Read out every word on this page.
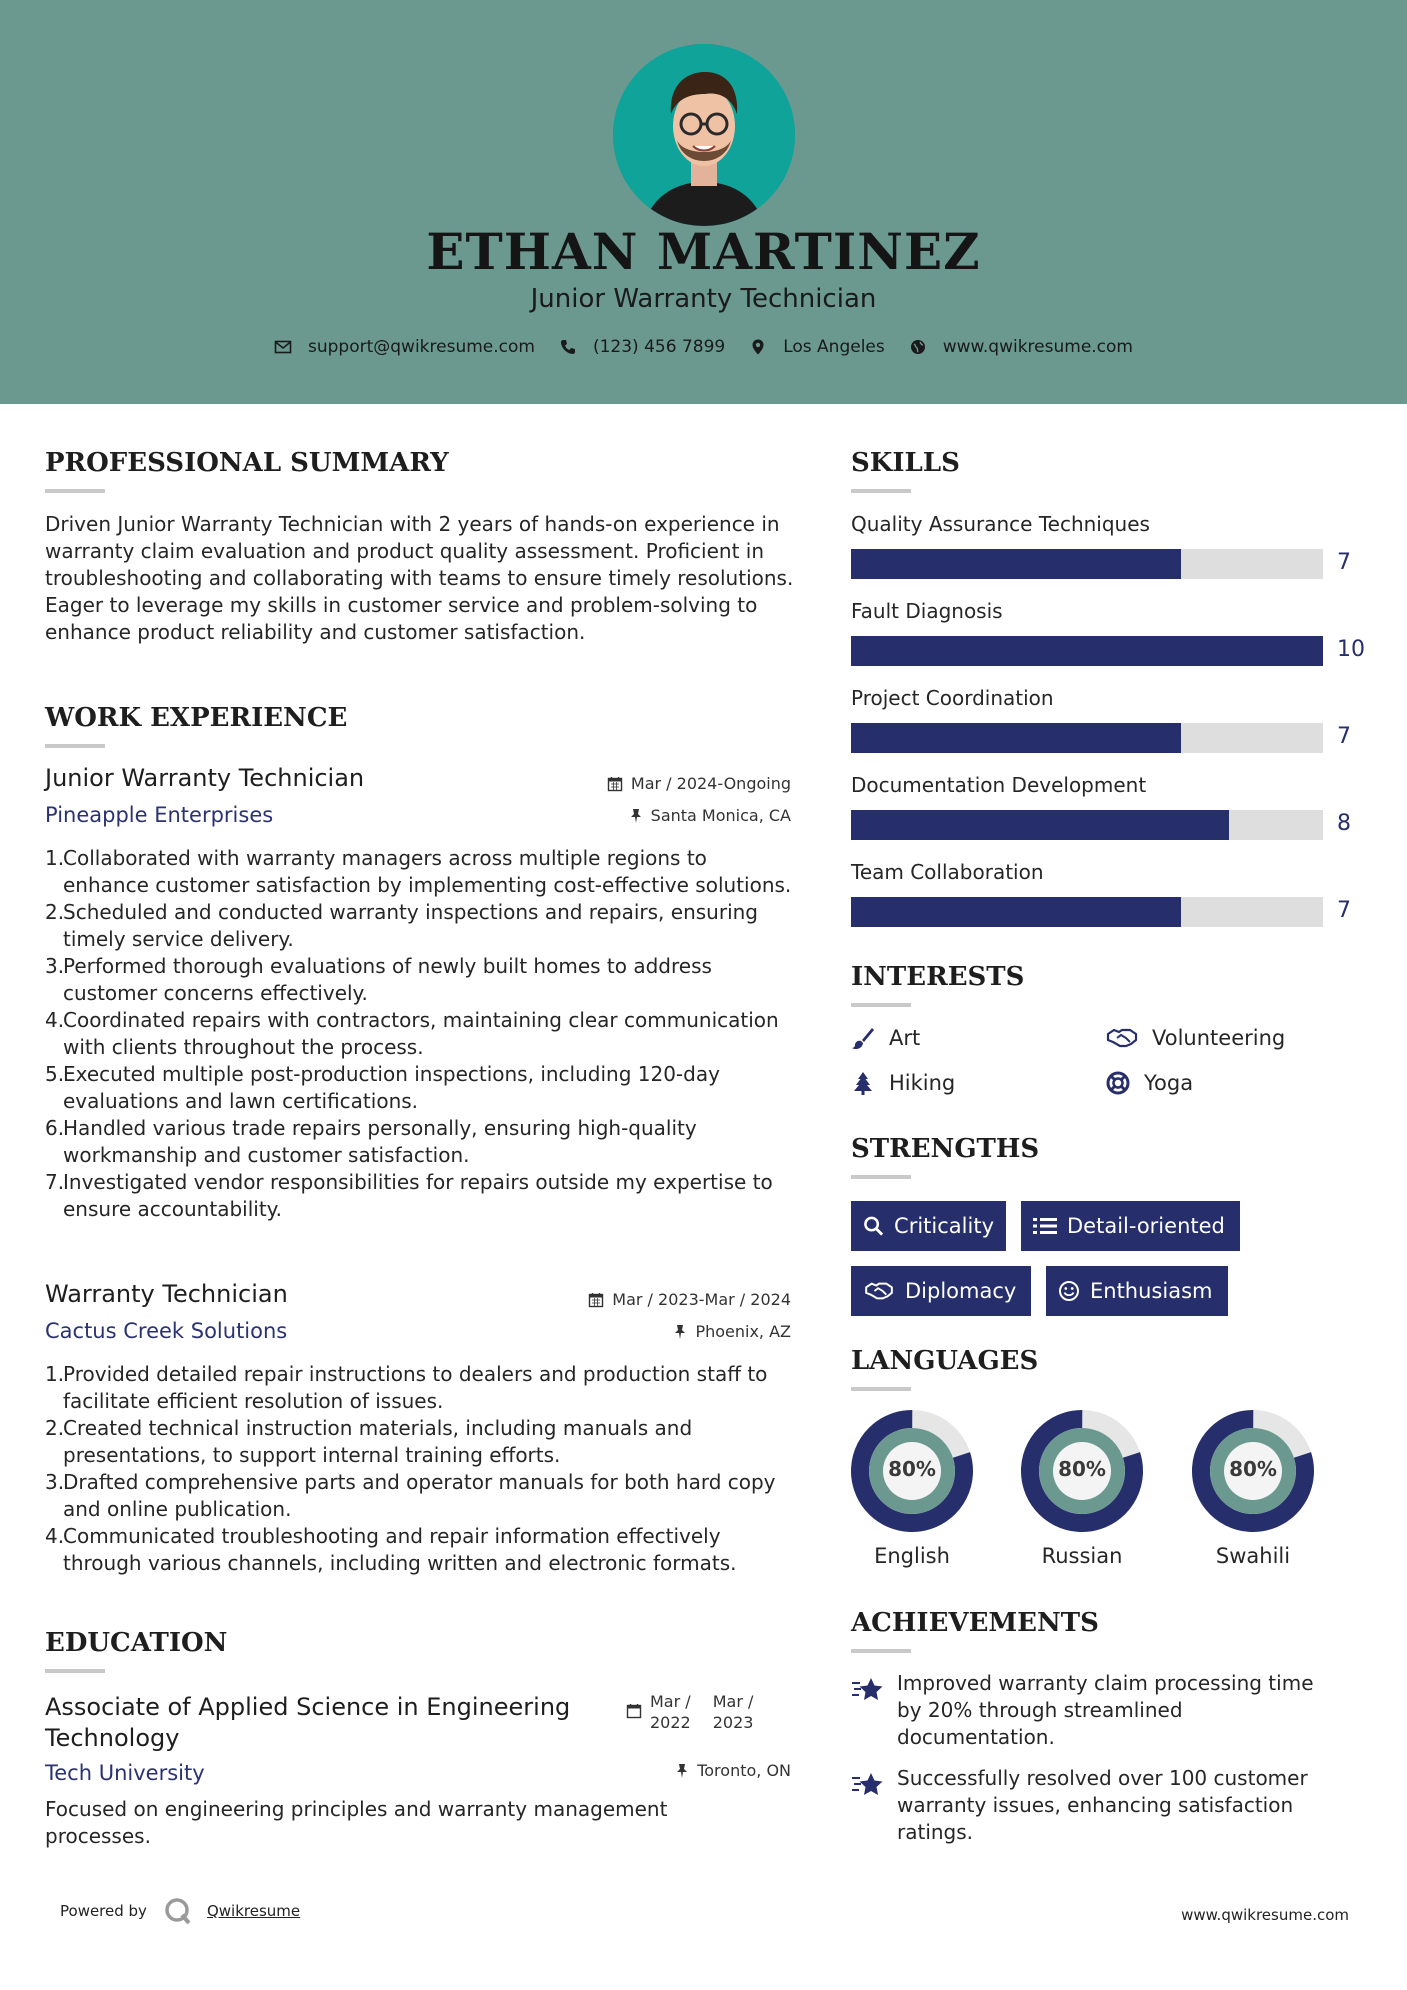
ETHAN MARTINEZ
Junior Warranty Technician
support@qwikresume.com	(123) 456 7899	Los Angeles	www.qwikresume.com
PROFESSIONAL SUMMARY
Driven Junior Warranty Technician with 2 years of hands-on experience in warranty claim evaluation and product quality assessment. Proficient in troubleshooting and collaborating with teams to ensure timely resolutions. Eager to leverage my skills in customer service and problem-solving to enhance product reliability and customer satisfaction.
WORK EXPERIENCE
Junior Warranty Technician	Mar / 2024-Ongoing
Pineapple Enterprises	Santa Monica, CA
Collaborated with warranty managers across multiple regions to enhance customer satisfaction by implementing cost-effective solutions.
Scheduled and conducted warranty inspections and repairs, ensuring timely service delivery.
Performed thorough evaluations of newly built homes to address customer concerns effectively.
Coordinated repairs with contractors, maintaining clear communication with clients throughout the process.
Executed multiple post-production inspections, including 120-day evaluations and lawn certifications.
Handled various trade repairs personally, ensuring high-quality workmanship and customer satisfaction.
Investigated vendor responsibilities for repairs outside my expertise to ensure accountability.
Warranty Technician	Mar / 2023-Mar / 2024
Cactus Creek Solutions	Phoenix, AZ
Provided detailed repair instructions to dealers and production staff to facilitate efficient resolution of issues.
Created technical instruction materials, including manuals and presentations, to support internal training efforts.
Drafted comprehensive parts and operator manuals for both hard copy and online publication.
Communicated troubleshooting and repair information effectively through various channels, including written and electronic formats.
EDUCATION
Associate of Applied Science in Engineering Technology
Mar /
2022
Mar /
2023
Tech University	Toronto, ON
Focused on engineering principles and warranty management processes.
SKILLS
Quality Assurance Techniques
7
Fault Diagnosis
10
Project Coordination
7
Documentation Development
8
Team Collaboration
7
INTERESTS
Art	Volunteering
Hiking	Yoga
STRENGTHS
Criticality	Detail-oriented
Diplomacy	Enthusiasm
LANGUAGES
80%
English
80%
Russian
80%
Swahili
ACHIEVEMENTS
Improved warranty claim processing time by 20% through streamlined documentation.
Successfully resolved over 100 customer warranty issues, enhancing satisfaction ratings.
Powered by	Qwikresume	www.qwikresume.com
